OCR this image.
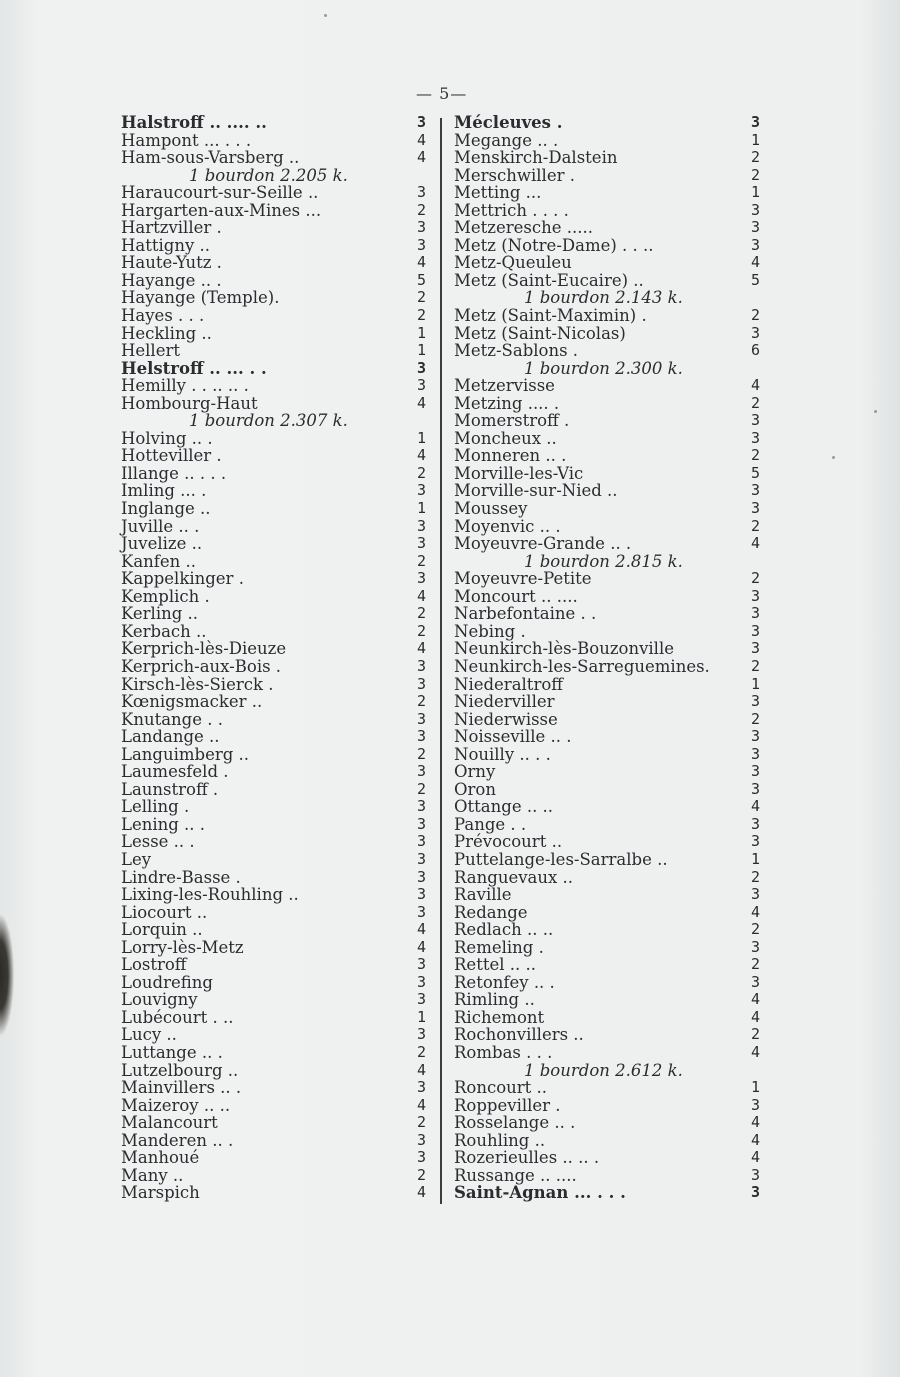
— 5—
Halstroff .. .... ..	3
Hampont ... . . .	4
Ham-sous-Varsberg ..	4
1 bourdon 2.205 k.
Haraucourt-sur-Seille ..	3
Hargarten-aux-Mines ...	2
Hartzviller .	3
Hattigny ..	3
Haute-Yutz .	4
Hayange .. .	5
Hayange (Temple).	2
Hayes . . .	2
Heckling ..	1
Hellert	1
Helstroff .. ... . .	3
Hemilly . . .. .. .	3
Hombourg-Haut	4
1 bourdon 2.307 k.
Holving .. .	1
Hotteviller .	4
Illange .. . . .	2
Imling ... .	3
Inglange ..	1
Juville .. .	3
Juvelize ..	3
Kanfen ..	2
Kappelkinger .	3
Kemplich .	4
Kerling ..	2
Kerbach ..	2
Kerprich-lès-Dieuze	4
Kerprich-aux-Bois .	3
Kirsch-lès-Sierck .	3
Kœnigsmacker ..	2
Knutange . .	3
Landange ..	3
Languimberg ..	2
Laumesfeld .	3
Launstroff .	2
Lelling .	3
Lening .. .	3
Lesse .. .	3
Ley	3
Lindre-Basse .	3
Lixing-les-Rouhling ..	3
Liocourt ..	3
Lorquin ..	4
Lorry-lès-Metz	4
Lostroff	3
Loudrefing	3
Louvigny	3
Lubécourt . ..	1
Lucy ..	3
Luttange .. .	2
Lutzelbourg ..	4
Mainvillers .. .	3
Maizeroy .. ..	4
Malancourt	2
Manderen .. .	3
Manhoué	3
Many ..	2
Marspich	4
Mécleuves .	3
Megange .. .	1
Menskirch-Dalstein	2
Merschwiller .	2
Metting ...	1
Mettrich . . . .	3
Metzeresche .....	3
Metz (Notre-Dame) . . ..	3
Metz-Queuleu	4
Metz (Saint-Eucaire) ..	5
1 bourdon 2.143 k.
Metz (Saint-Maximin) .	2
Metz (Saint-Nicolas)	3
Metz-Sablons .	6
1 bourdon 2.300 k.
Metzervisse	4
Metzing .... .	2
Momerstroff .	3
Moncheux ..	3
Monneren .. .	2
Morville-les-Vic	5
Morville-sur-Nied ..	3
Moussey	3
Moyenvic .. .	2
Moyeuvre-Grande .. .	4
1 bourdon 2.815 k.
Moyeuvre-Petite	2
Moncourt .. ....	3
Narbefontaine . .	3
Nebing .	3
Neunkirch-lès-Bouzonville	3
Neunkirch-les-Sarreguemines.	2
Niederaltroff	1
Niederviller	3
Niederwisse	2
Noisseville .. .	3
Nouilly .. . .	3
Orny	3
Oron	3
Ottange .. ..	4
Pange . .	3
Prévocourt ..	3
Puttelange-les-Sarralbe ..	1
Ranguevaux ..	2
Raville	3
Redange	4
Redlach .. ..	2
Remeling .	3
Rettel .. ..	2
Retonfey .. .	3
Rimling ..	4
Richemont	4
Rochonvillers ..	2
Rombas . . .	4
1 bourdon 2.612 k.
Roncourt ..	1
Roppeviller .	3
Rosselange .. .	4
Rouhling ..	4
Rozerieulles .. .. .	4
Russange .. ....	3
Saint-Agnan ... . . .	3
